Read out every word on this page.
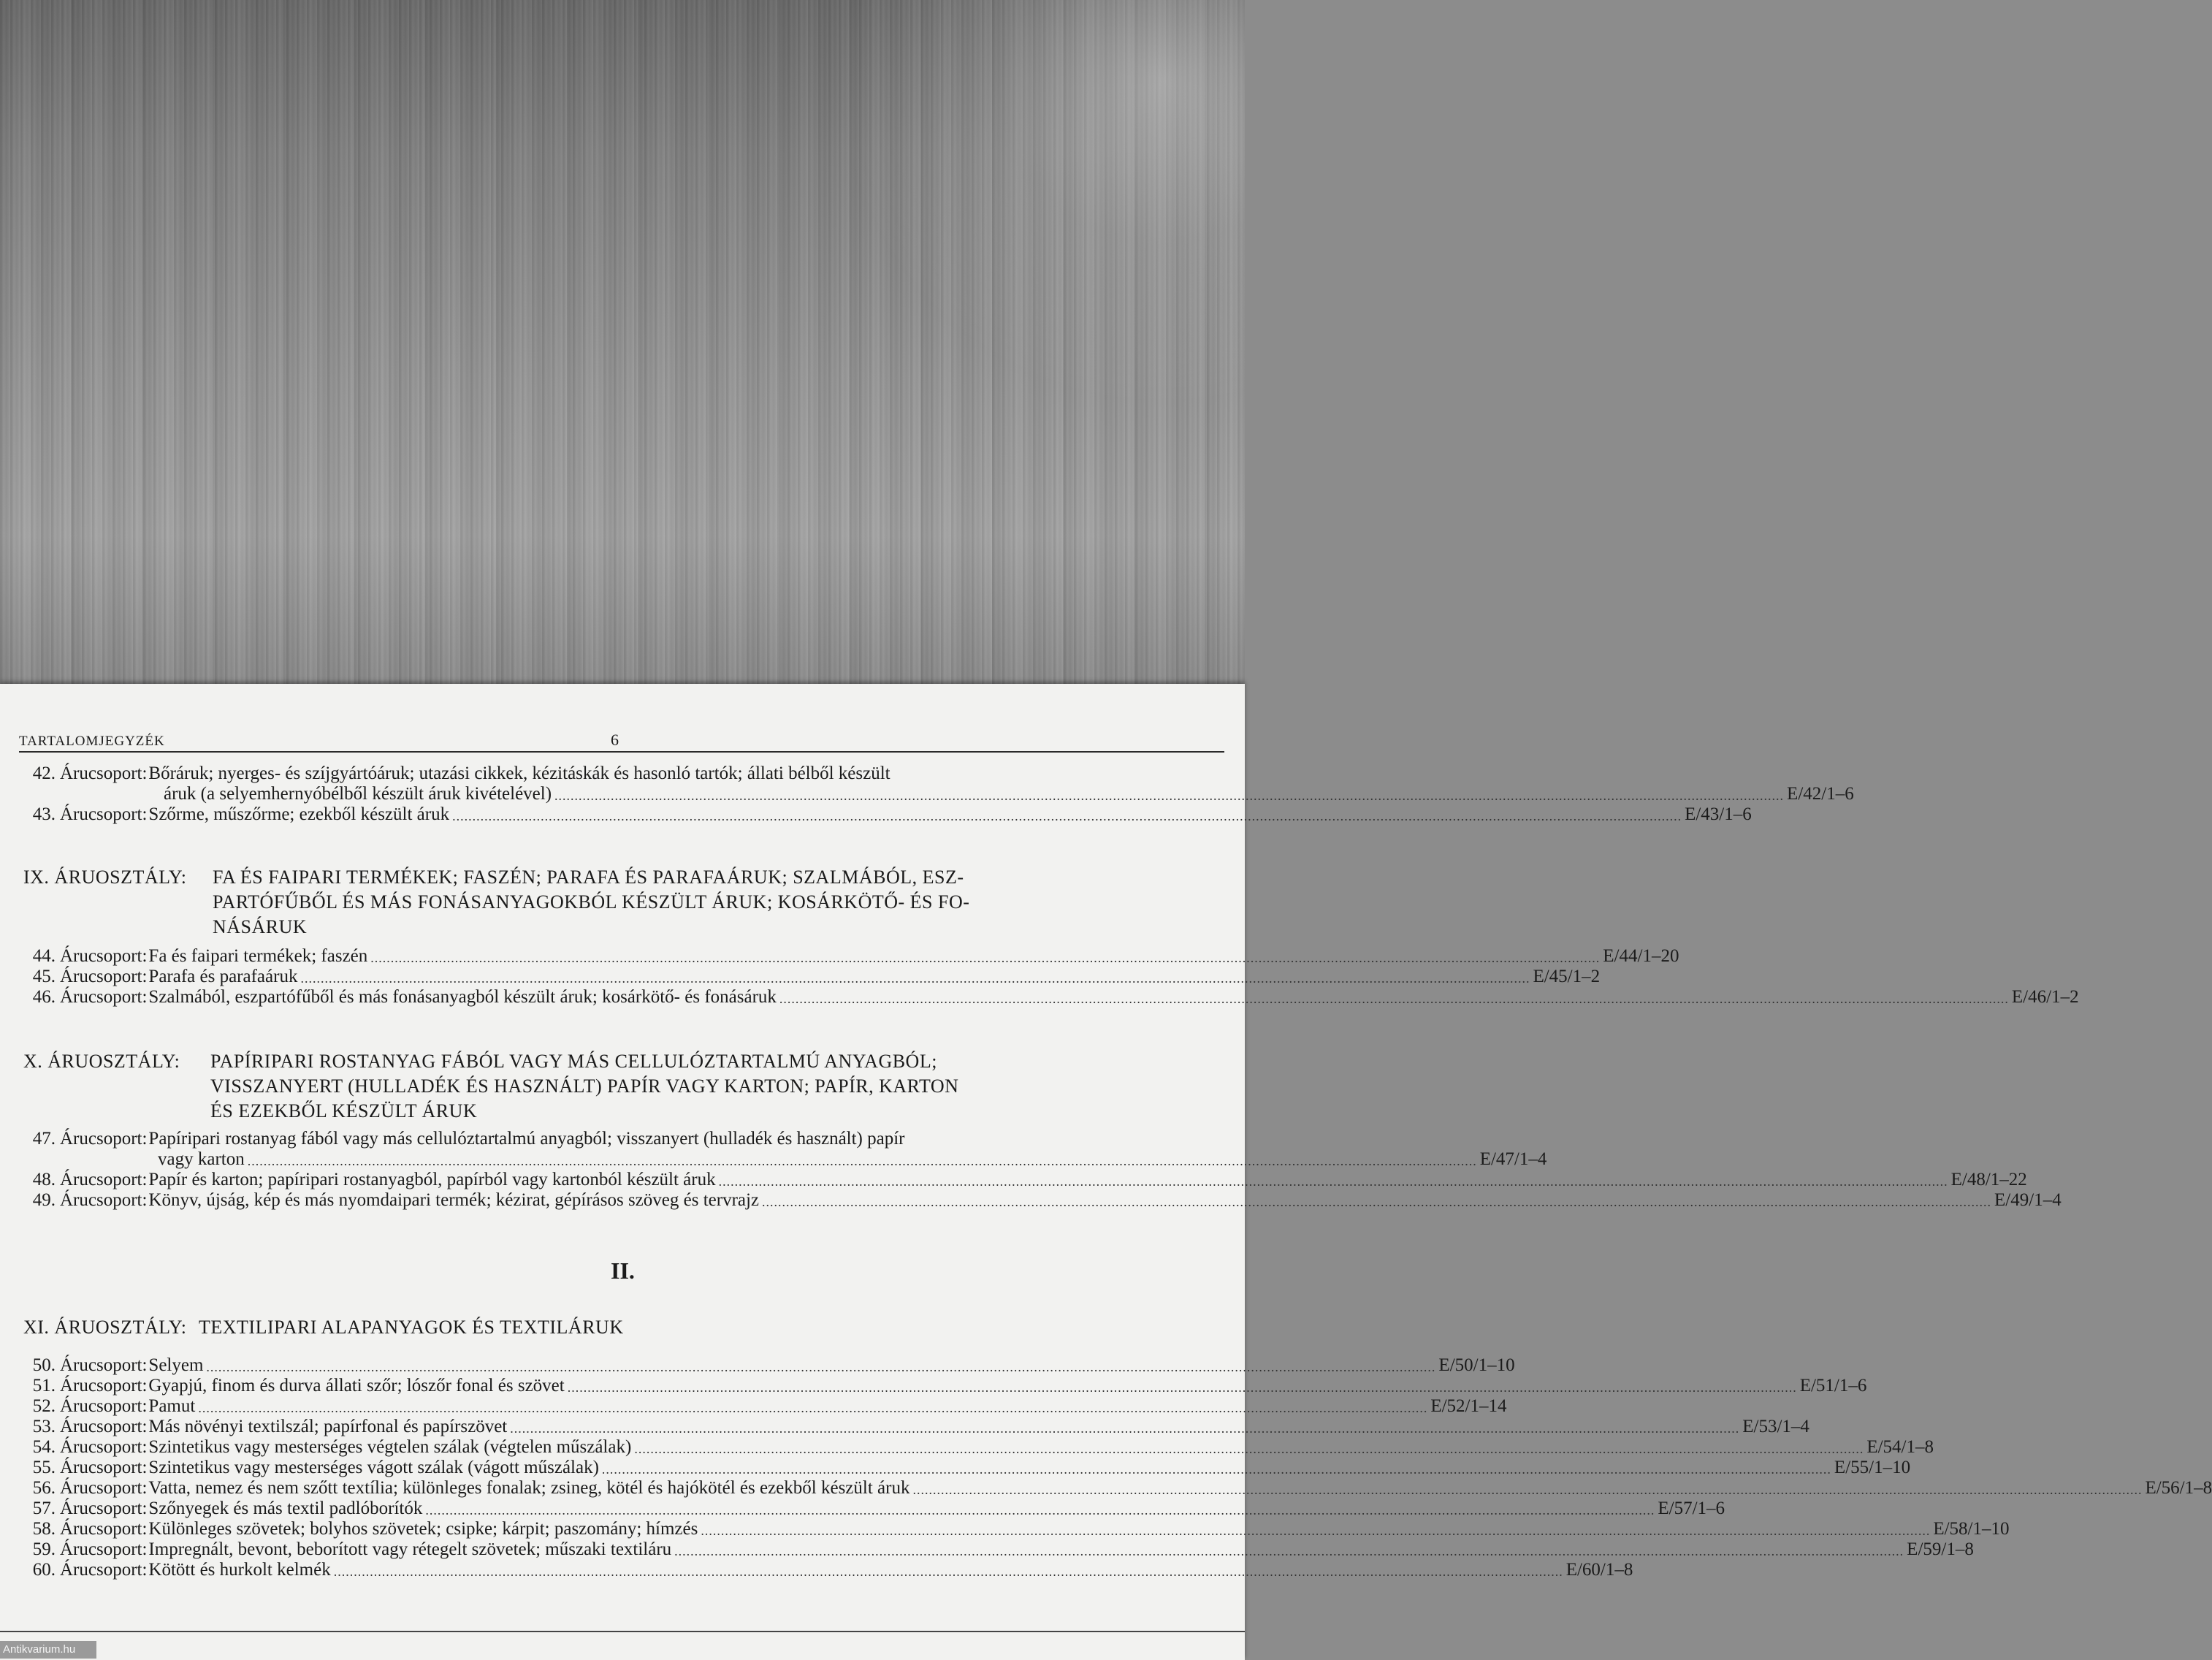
TARTALOMJEGYZÉK	6
42. Árucsoport: Bőráruk; nyerges- és szíjgyártóáruk; utazási cikkek, kézitáskák és hasonló tartók; állati bélből készült
áruk (a selyemhernyóbélből készült áruk kivételével) .................................................................................................................................................................................................................................................................................................................. E/42/1–6
43. Árucsoport: Szőrme, műszőrme; ezekből készült áruk .................................................................................................................................................................................................................................................................................................................. E/43/1–6
IX. ÁRUOSZTÁLY: FA ÉS FAIPARI TERMÉKEK; FASZÉN; PARAFA ÉS PARAFAÁRUK; SZALMÁBÓL, ESZ-
PARTÓFŰBŐL ÉS MÁS FONÁSANYAGOKBÓL KÉSZÜLT ÁRUK; KOSÁRKÖTŐ- ÉS FO-
NÁSÁRUK
44. Árucsoport: Fa és faipari termékek; faszén .................................................................................................................................................................................................................................................................................................................. E/44/1–20
45. Árucsoport: Parafa és parafaáruk .................................................................................................................................................................................................................................................................................................................. E/45/1–2
46. Árucsoport: Szalmából, eszpartófűből és más fonásanyagból készült áruk; kosárkötő- és fonásáruk .................................................................................................................................................................................................................................................................................................................. E/46/1–2
X. ÁRUOSZTÁLY: PAPÍRIPARI ROSTANYAG FÁBÓL VAGY MÁS CELLULÓZTARTALMÚ ANYAGBÓL;
VISSZANYERT (HULLADÉK ÉS HASZNÁLT) PAPÍR VAGY KARTON; PAPÍR, KARTON
ÉS EZEKBŐL KÉSZÜLT ÁRUK
47. Árucsoport: Papíripari rostanyag fából vagy más cellulóztartalmú anyagból; visszanyert (hulladék és használt) papír
vagy karton .................................................................................................................................................................................................................................................................................................................. E/47/1–4
48. Árucsoport: Papír és karton; papíripari rostanyagból, papírból vagy kartonból készült áruk .................................................................................................................................................................................................................................................................................................................. E/48/1–22
49. Árucsoport: Könyv, újság, kép és más nyomdaipari termék; kézirat, gépírásos szöveg és tervrajz .................................................................................................................................................................................................................................................................................................................. E/49/1–4
II.
XI. ÁRUOSZTÁLY: TEXTILIPARI ALAPANYAGOK ÉS TEXTILÁRUK
50. Árucsoport: Selyem .................................................................................................................................................................................................................................................................................................................. E/50/1–10
51. Árucsoport: Gyapjú, finom és durva állati szőr; lószőr fonal és szövet .................................................................................................................................................................................................................................................................................................................. E/51/1–6
52. Árucsoport: Pamut .................................................................................................................................................................................................................................................................................................................. E/52/1–14
53. Árucsoport: Más növényi textilszál; papírfonal és papírszövet .................................................................................................................................................................................................................................................................................................................. E/53/1–4
54. Árucsoport: Szintetikus vagy mesterséges végtelen szálak (végtelen műszálak) .................................................................................................................................................................................................................................................................................................................. E/54/1–8
55. Árucsoport: Szintetikus vagy mesterséges vágott szálak (vágott műszálak) .................................................................................................................................................................................................................................................................................................................. E/55/1–10
56. Árucsoport: Vatta, nemez és nem szőtt textília; különleges fonalak; zsineg, kötél és hajókötél és ezekből készült áruk .................................................................................................................................................................................................................................................................................................................. E/56/1–8
57. Árucsoport: Szőnyegek és más textil padlóborítók .................................................................................................................................................................................................................................................................................................................. E/57/1–6
58. Árucsoport: Különleges szövetek; bolyhos szövetek; csipke; kárpit; paszomány; hímzés .................................................................................................................................................................................................................................................................................................................. E/58/1–10
59. Árucsoport: Impregnált, bevont, beborított vagy rétegelt szövetek; műszaki textiláru .................................................................................................................................................................................................................................................................................................................. E/59/1–8
60. Árucsoport: Kötött és hurkolt kelmék .................................................................................................................................................................................................................................................................................................................. E/60/1–8
Antikvarium.hu
